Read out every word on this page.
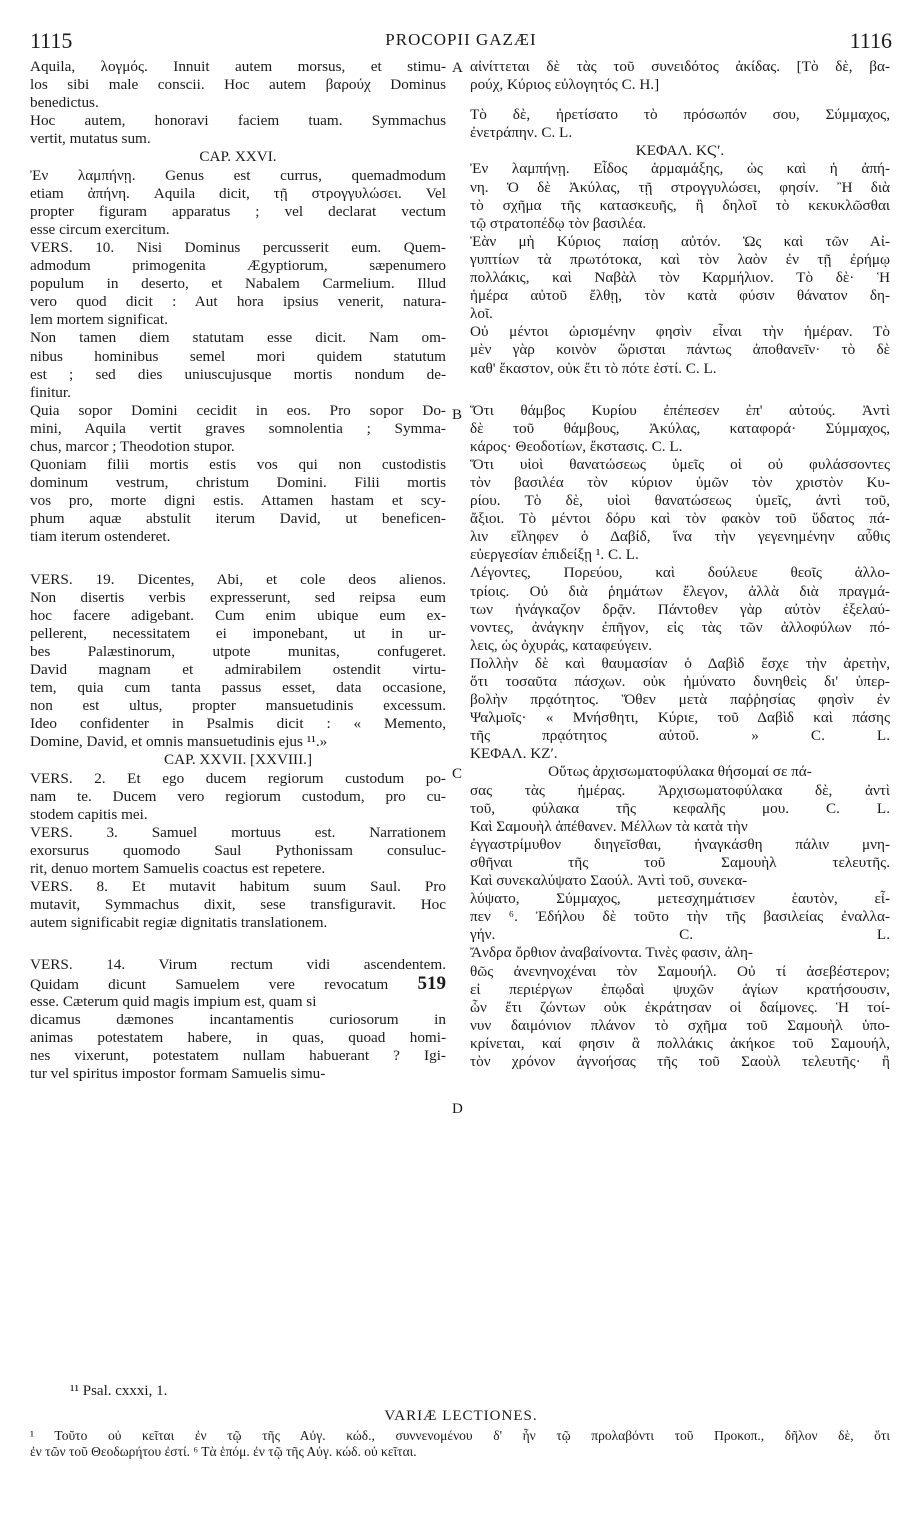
1115	PROCOPII GAZÆI	1116
Aquila, λογμός. Innuit autem morsus, et stimu-
los sibi male conscii. Hoc autem βαρούχ Dominus
benedictus.
Hoc autem, honoravi faciem tuam. Symmachus
vertit, mutatus sum.
CAP. XXVI.
Ἐν λαμπήνῃ. Genus est currus, quemadmodum
etiam ἀπήνη. Aquila dicit, τῇ στρογγυλώσει. Vel
propter figuram apparatus ; vel declarat vectum
esse circum exercitum.
VERS. 10. Nisi Dominus percusserit eum. Quem-
admodum primogenita Ægyptiorum, sæpenumero
populum in deserto, et Nabalem Carmelium. Illud
vero quod dicit : Aut hora ipsius venerit, natura-
lem mortem significat.
Non tamen diem statutam esse dicit. Nam om-
nibus hominibus semel mori quidem statutum
est ; sed dies uniuscujusque mortis nondum de-
finitur.
Quia sopor Domini cecidit in eos. Pro sopor Do-
mini, Aquila vertit graves somnolentia ; Symma-
chus, marcor ; Theodotion stupor.
Quoniam filii mortis estis vos qui non custodistis
dominum vestrum, christum Domini. Filii mortis
vos pro, morte digni estis. Attamen hastam et scy-
phum aquæ abstulit iterum David, ut beneficen-
tiam iterum ostenderet.
VERS. 19. Dicentes, Abi, et cole deos alienos.
Non disertis verbis expresserunt, sed reipsa eum
hoc facere adigebant. Cum enim ubique eum ex-
pellerent, necessitatem ei imponebant, ut in ur-
bes Palæstinorum, utpote munitas, confugeret.
David magnam et admirabilem ostendit virtu-
tem, quia cum tanta passus esset, data occasione,
non est ultus, propter mansuetudinis excessum.
Ideo confidenter in Psalmis dicit : « Memento,
Domine, David, et omnis mansuetudinis ejus ¹¹.»
CAP. XXVII. [XXVIII.]
VERS. 2. Et ego ducem regiorum custodum po-
nam te. Ducem vero regiorum custodum, pro cu-
stodem capitis mei.
VERS. 3. Samuel mortuus est. Narrationem
exorsurus quomodo Saul Pythonissam consuluc-
rit, denuo mortem Samuelis coactus est repetere.
VERS. 8. Et mutavit habitum suum Saul. Pro
mutavit, Symmachus dixit, sese transfiguravit. Hoc
autem significabit regiæ dignitatis translationem.
VERS. 14. Virum rectum vidi ascendentem.
Quidam dicunt Samuelem vere revocatum 519
esse. Cæterum quid magis impium est, quam si
dicamus dæmones incantamentis curiosorum in
animas potestatem habere, in quas, quoad homi-
nes vixerunt, potestatem nullam habuerant ? Igi-
tur vel spiritus impostor formam Samuelis simu-
αἰνίττεται δὲ τὰς τοῦ συνειδότος ἀκίδας. [Τὸ δὲ, βα-
ρούχ, Κύριος εὐλογητός C. H.]
Τὸ δὲ, ἠρετίσατο τὸ πρόσωπόν σου, Σύμμαχος,
ἐνετράπην. C. L.
ΚΕΦΑΛ. ΚϚʹ.
Ἐν λαμπήνῃ. Εἶδος ἁρμαμάξης, ὡς καὶ ἡ ἀπή-
νη. Ὁ δὲ Ἀκύλας, τῇ στρογγυλώσει, φησίν. Ἢ διὰ
τὸ σχῆμα τῆς κατασκευῆς, ἢ δηλοῖ τὸ κεκυκλῶσθαι
τῷ στρατοπέδῳ τὸν βασιλέα.
Ἐὰν μὴ Κύριος παίσῃ αὐτόν. Ὡς καὶ τῶν Αἰ-
γυπτίων τὰ πρωτότοκα, καὶ τὸν λαὸν ἐν τῇ ἐρήμῳ
πολλάκις, καὶ Ναβὰλ τὸν Καρμήλιον. Τὸ δὲ· Ἡ
ἡμέρα αὐτοῦ ἔλθῃ, τὸν κατὰ φύσιν θάνατον δη-
λοῖ.
Οὐ μέντοι ὡρισμένην φησὶν εἶναι τὴν ἡμέραν. Τὸ
μὲν γὰρ κοινὸν ὥρισται πάντως ἀποθανεῖν· τὸ δὲ
καθ' ἕκαστον, οὐκ ἔτι τὸ πότε ἐστί. C. L.
Ὅτι θάμβος Κυρίου ἐπέπεσεν ἐπ' αὐτούς. Ἀντὶ
δὲ τοῦ θάμβους, Ἀκύλας, καταφορά· Σύμμαχος,
κάρος· Θεοδοτίων, ἔκστασις. C. L.
Ὅτι υἱοὶ θανατώσεως ὑμεῖς οἱ οὐ φυλάσσοντες
τὸν βασιλέα τὸν κύριον ὑμῶν τὸν χριστὸν Κυ-
ρίου. Τὸ δὲ, υἱοὶ θανατώσεως ὑμεῖς, ἀντὶ τοῦ,
ἄξιοι. Τὸ μέντοι δόρυ καὶ τὸν φακὸν τοῦ ὕδατος πά-
λιν εἴληφεν ὁ Δαβίδ, ἵνα τὴν γεγενημένην αὖθις
εὐεργεσίαν ἐπιδείξῃ ¹. C. L.
Λέγοντες, Πορεύου, καὶ δούλευε θεοῖς ἀλλο-
τρίοις. Οὐ διὰ ῥημάτων ἔλεγον, ἀλλὰ διὰ πραγμά-
των ἠνάγκαζον δρᾷν. Πάντοθεν γὰρ αὐτὸν ἐξελαύ-
νοντες, ἀνάγκην ἐπῆγον, εἰς τὰς τῶν ἀλλοφύλων πό-
λεις, ὡς ὀχυράς, καταφεύγειν.
Πολλὴν δὲ καὶ θαυμασίαν ὁ Δαβὶδ ἔσχε τὴν ἀρετὴν,
ὅτι τοσαῦτα πάσχων. οὐκ ἠμύνατο δυνηθεὶς δι' ὑπερ-
βολὴν πρᾳότητος. Ὅθεν μετὰ παῤῥησίας φησὶν ἐν
Ψαλμοῖς· « Μνήσθητι, Κύριε, τοῦ Δαβὶδ καὶ πάσης
τῆς πρᾳότητος αὐτοῦ. » C. L.
ΚΕΦΑΛ. ΚΖʹ.
Οὕτως ἀρχισωματοφύλακα θήσομαί σε πά-
σας τὰς ἡμέρας. Ἀρχισωματοφύλακα δὲ, ἀντὶ
τοῦ, φύλακα τῆς κεφαλῆς μου. C. L.
Καὶ Σαμουὴλ ἀπέθανεν. Μέλλων τὰ κατὰ τὴν
ἐγγαστρίμυθον διηγεῖσθαι, ἠναγκάσθη πάλιν μνη-
σθῆναι τῆς τοῦ Σαμουὴλ τελευτῆς.
Καὶ συνεκαλύψατο Σαούλ. Ἀντὶ τοῦ, συνεκα-
λύψατο, Σύμμαχος, μετεσχημάτισεν ἑαυτὸν, εἶ-
πεν ⁶. Ἐδήλου δὲ τοῦτο τὴν τῆς βασιλείας ἐναλλα-
γήν. C. L.
Ἄνδρα ὄρθιον ἀναβαίνοντα. Τινὲς φασιν, ἀλη-
θῶς ἀνενηνοχέναι τὸν Σαμουήλ. Οὐ τί ἀσεβέστερον;
εἰ περιέργων ἐπῳδαὶ ψυχῶν ἁγίων κρατήσουσιν,
ὧν ἔτι ζώντων οὐκ ἐκράτησαν οἱ δαίμονες. Ἡ τοί-
νυν δαιμόνιον πλάνον τὸ σχῆμα τοῦ Σαμουὴλ ὑπο-
κρίνεται, καί φησιν ἃ πολλάκις ἀκήκοε τοῦ Σαμουήλ,
τὸν χρόνον ἀγνοήσας τῆς τοῦ Σαοὺλ τελευτῆς· ἢ
A
B
C
D
¹¹ Psal. cxxxi, 1.
VARIÆ LECTIONES.
¹ Τοῦτο οὐ κεῖται ἐν τῷ τῆς Αὐγ. κώδ., συννενομένου δ' ἦν τῷ προλαβόντι τοῦ Προκοπ., δῆλον δὲ, ὅτι
ἐν τῶν τοῦ Θεοδωρήτου ἐστί. ⁶ Τὰ ἑπόμ. ἐν τῷ τῆς Αὐγ. κώδ. οὐ κεῖται.
